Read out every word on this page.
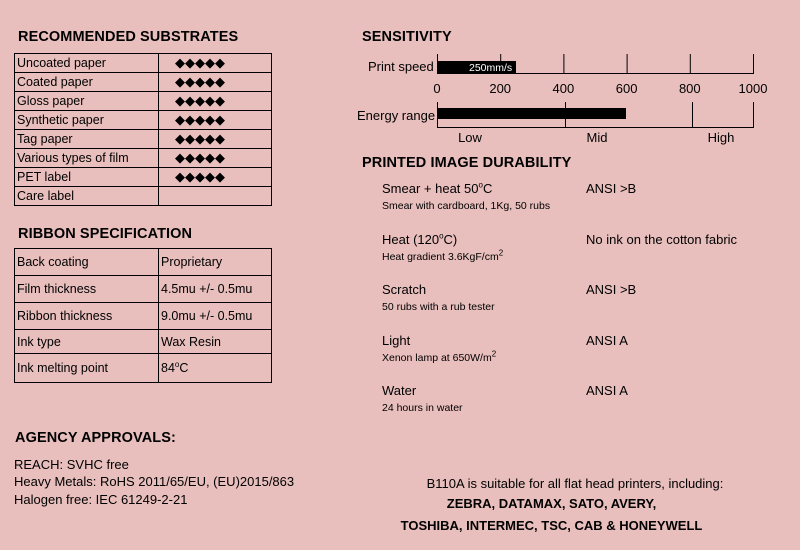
RECOMMENDED SUBSTRATES
Uncoated paper	◆◆◆◆◆
Coated paper	◆◆◆◆◆
Gloss paper	◆◆◆◆◆
Synthetic paper	◆◆◆◆◆
Tag paper	◆◆◆◆◆
Various types of film	◆◆◆◆◆
PET label	◆◆◆◆◆
Care label	
RIBBON SPECIFICATION
Back coating	Proprietary
Film thickness	4.5mu +/- 0.5mu
Ribbon thickness	9.0mu +/- 0.5mu
Ink type	Wax Resin
Ink melting point	84$^o$C
AGENCY APPROVALS:
REACH: SVHC free
Heavy Metals: RoHS 2011/65/EU, (EU)2015/863
Halogen free: IEC 61249-2-21
SENSITIVITY
Print speed
Energy range
250mm/s
0	200	400	600	800	1000
Low	Mid	High
PRINTED IMAGE DURABILITY
Smear + heat 50$^o$C
Smear with cardboard, 1Kg, 50 rubs
ANSI >B
Heat (120$^o$C)
Heat gradient $3.6KgF/cm^2$
No ink on the cotton fabric
Scratch
50 rubs with a rub tester
ANSI >B
Light
Xenon lamp at $650W/m^2$
ANSI A
Water
24 hours in water
ANSI A
B110A is suitable for all flat head printers, including:
ZEBRA, DATAMAX, SATO, AVERY,
TOSHIBA, INTERMEC, TSC, CAB & HONEYWELL
